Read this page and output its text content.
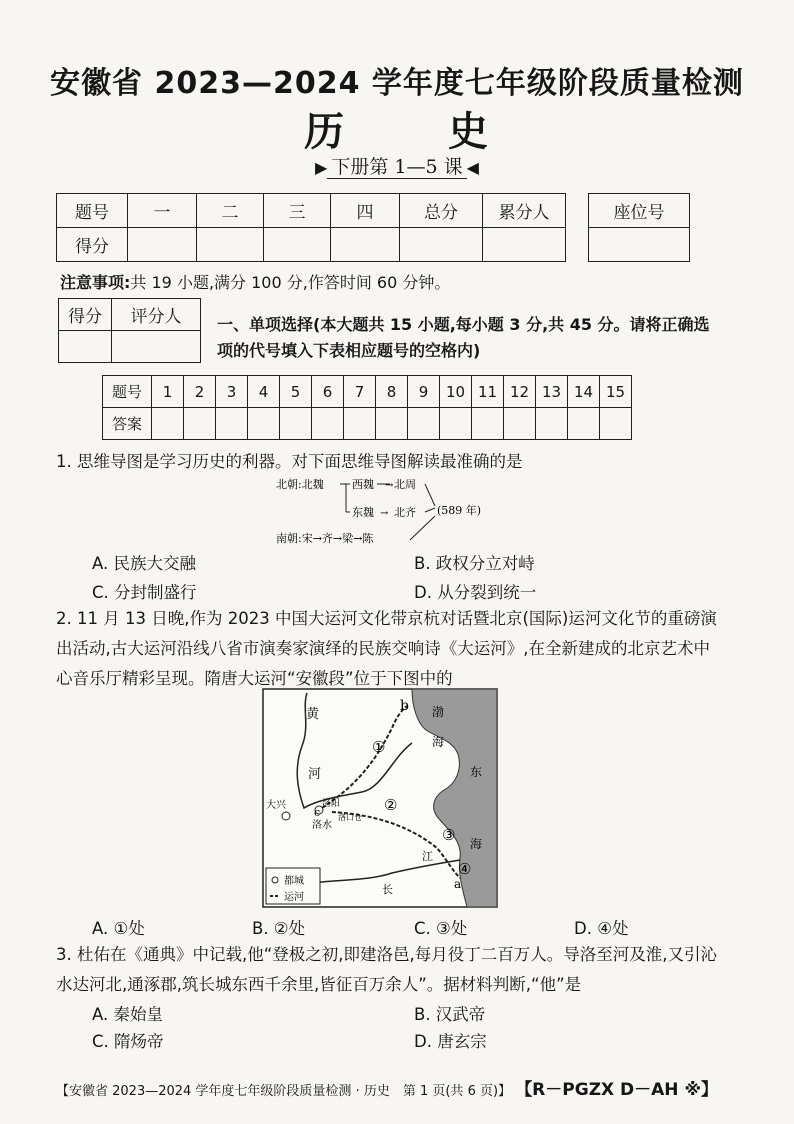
安徽省 2023—2024 学年度七年级阶段质量检测
历	史
▶ 下册第 1—5 课 ◀
题号	一	二	三	四	总分	累分人
得分						
座位号

注意事项:共 19 小题,满分 100 分,作答时间 60 分钟。
得分	评分人
	一、单项选择(本大题共 15 小题,每小题 3 分,共 45 分。请将正确选项的代号填入下表相应题号的空格内)
题号	1	2	3	4	5	6	7	8	9	10	11	12	13	14	15
答案															
1. 思维导图是学习历史的利器。对下面思维导图解读最准确的是
北朝:北魏	西魏 → 北周
东魏 → 北齐 (589 年)
南朝:宋→齐→梁→陈
A. 民族大交融	B. 政权分立对峙
C. 分封制盛行	D. 从分裂到统一
2. 11 月 13 日晚,作为 2023 中国大运河文化带京杭对话暨北京(国际)运河文化节的重磅演出活动,古大运河沿线八省市演奏家演绎的民族交响诗《大运河》,在全新建成的北京艺术中心音乐厅精彩呈现。隋唐大运河“安徽段”位于下图中的
黄
河
渤
海
东
海
大兴	洛阳
洛水
洛口仓
江
长
①
②
③
④
a
b
c
都城
运河
A. ①处	B. ②处	C. ③处	D. ④处
3. 杜佑在《通典》中记载,他“登极之初,即建洛邑,每月役丁二百万人。导洛至河及淮,又引沁水达河北,通涿郡,筑长城东西千余里,皆征百万余人”。据材料判断,“他”是
A. 秦始皇	B. 汉武帝
C. 隋炀帝	D. 唐玄宗
【安徽省 2023—2024 学年度七年级阶段质量检测 · 历史　第 1 页(共 6 页)】 【R－PGZX D－AH ※】
